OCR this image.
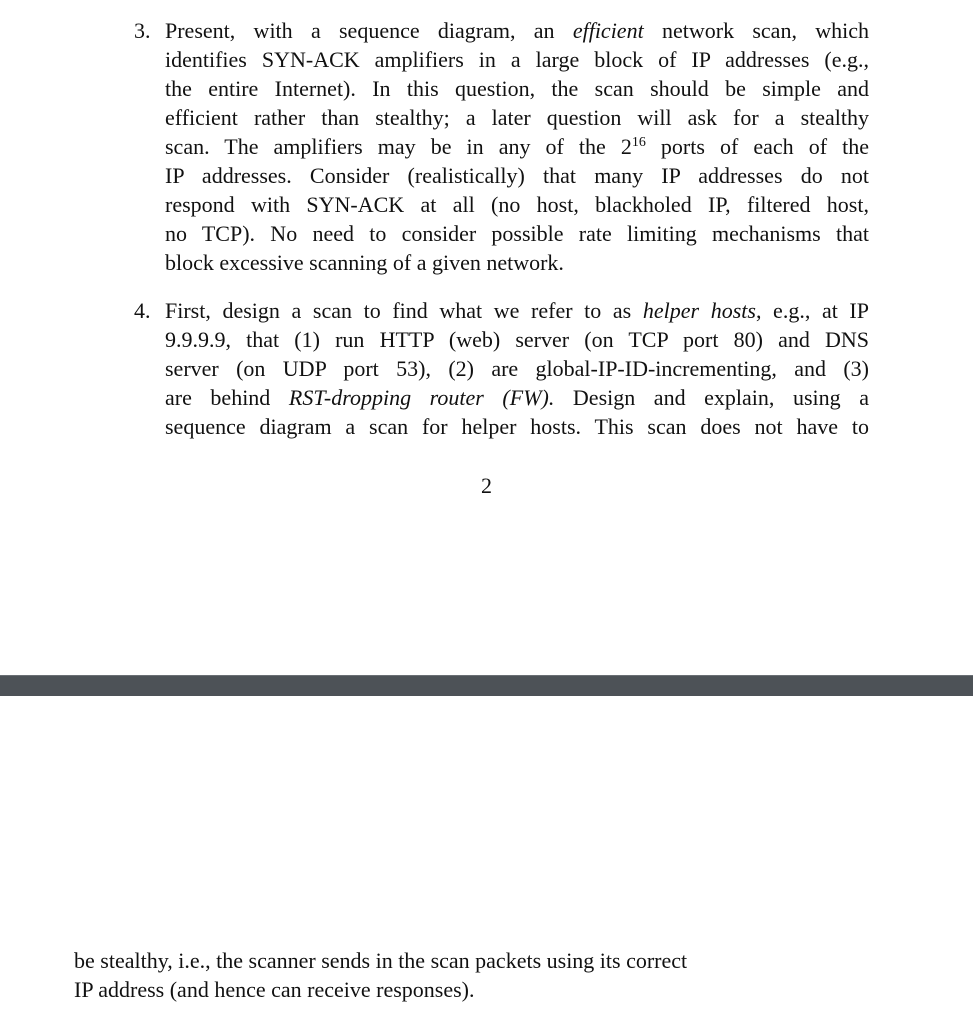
3. Present, with a sequence diagram, an efficient network scan, which
identifies SYN-ACK amplifiers in a large block of IP addresses (e.g.,
the entire Internet). In this question, the scan should be simple and
efficient rather than stealthy; a later question will ask for a stealthy
scan. The amplifiers may be in any of the $2^{16}$ ports of each of the
IP addresses. Consider (realistically) that many IP addresses do not
respond with SYN-ACK at all (no host, blackholed IP, filtered host,
no TCP). No need to consider possible rate limiting mechanisms that
block excessive scanning of a given network.
4. First, design a scan to find what we refer to as helper hosts, e.g., at IP
9.9.9.9, that (1) run HTTP (web) server (on TCP port 80) and DNS
server (on UDP port 53), (2) are global-IP-ID-incrementing, and (3)
are behind RST-dropping router (FW). Design and explain, using a
sequence diagram a scan for helper hosts. This scan does not have to
2
be stealthy, i.e., the scanner sends in the scan packets using its correct
IP address (and hence can receive responses).
